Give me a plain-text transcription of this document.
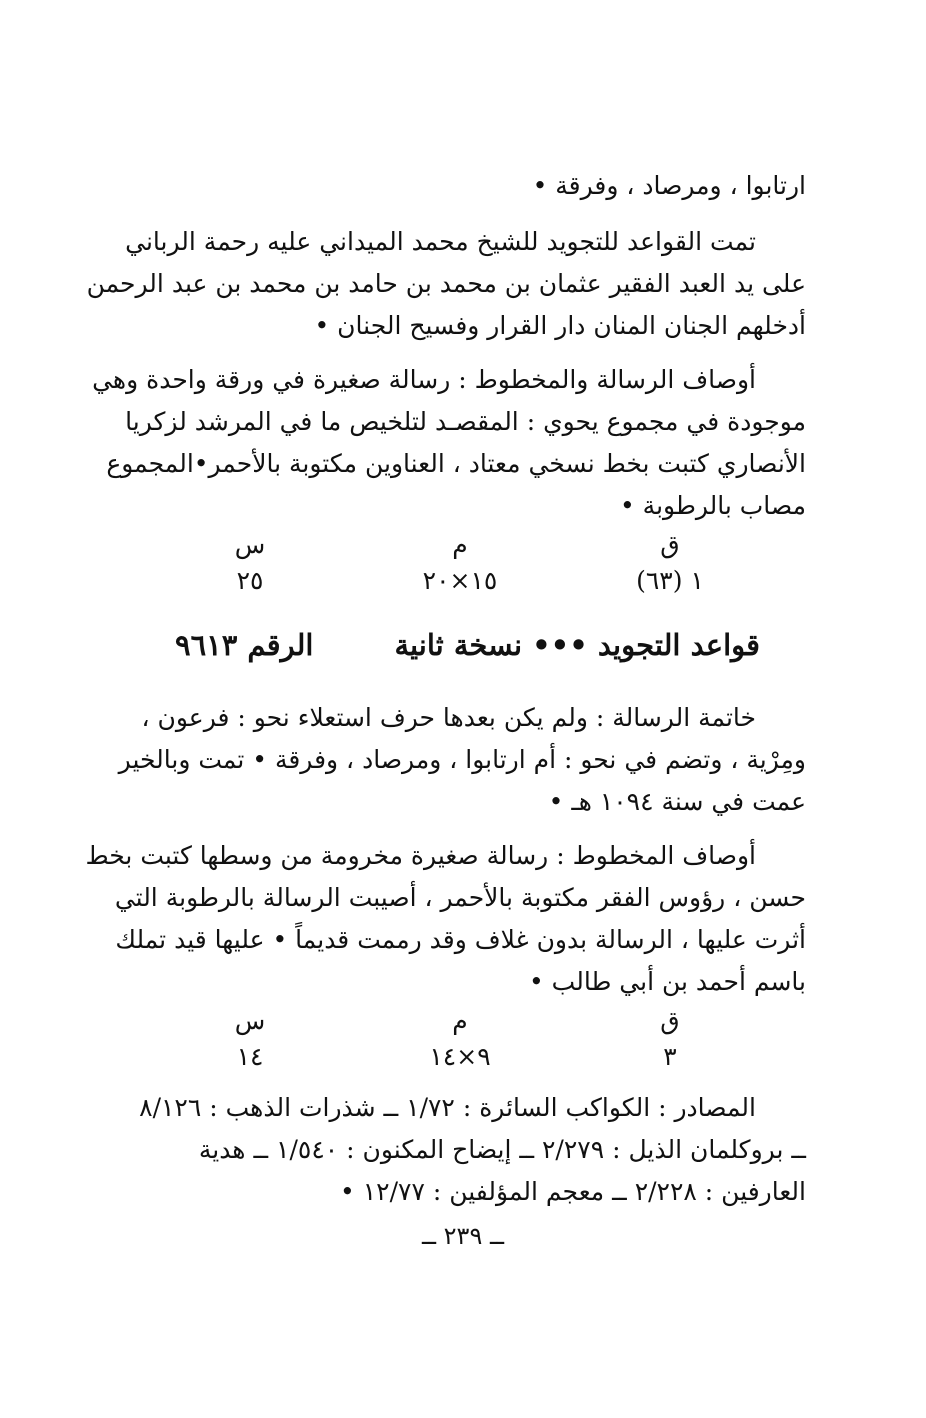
ارتابوا ، ومرصاد ، وفرقة •
تمت القواعد للتجويد للشيخ محمد الميداني عليه رحمة الرباني
على يد العبد الفقير عثمان بن محمد بن حامد بن محمد بن عبد الرحمن
أدخلهم الجنان المنان دار القرار وفسيح الجنان •
أوصاف الرسالة والمخطوط : رسالة صغيرة في ورقة واحدة وهي
موجودة في مجموع يحوي : المقصـد لتلخيص ما في المرشد لزكريا
الأنصاري كتبت بخط نسخي معتاد ، العناوين مكتوبة بالأحمر•المجموع
مصاب بالرطوبة •
ق
م
س
١ (٦٣)
١٥×٢٠
٢٥
قواعد التجويد ••• نسخة ثانية
الرقم ٩٦١٣
خاتمة الرسالة : ولم يكن بعدها حرف استعلاء نحو : فرعون ،
ومِرْية ، وتضم في نحو : أم ارتابوا ، ومرصاد ، وفرقة • تمت وبالخير
عمت في سنة ١٠٩٤ هـ •
أوصاف المخطوط : رسالة صغيرة مخرومة من وسطها كتبت بخط
حسن ، رؤوس الفقر مكتوبة بالأحمر ، أصيبت الرسالة بالرطوبة التي
أثرت عليها ، الرسالة بدون غلاف وقد رممت قديماً • عليها قيد تملك
باسم أحمد بن أبي طالب •
ق
م
س
٣
٩×١٤
١٤
المصادر : الكواكب السائرة : ١/٧٢ ــ شذرات الذهب : ٨/١٢٦
ــ بروكلمان الذيل : ٢/٢٧٩ ــ إيضاح المكنون : ١/٥٤٠ ــ هدية
العارفين : ٢/٢٢٨ ــ معجم المؤلفين : ١٢/٧٧ •
ــ ٢٣٩ ــ
